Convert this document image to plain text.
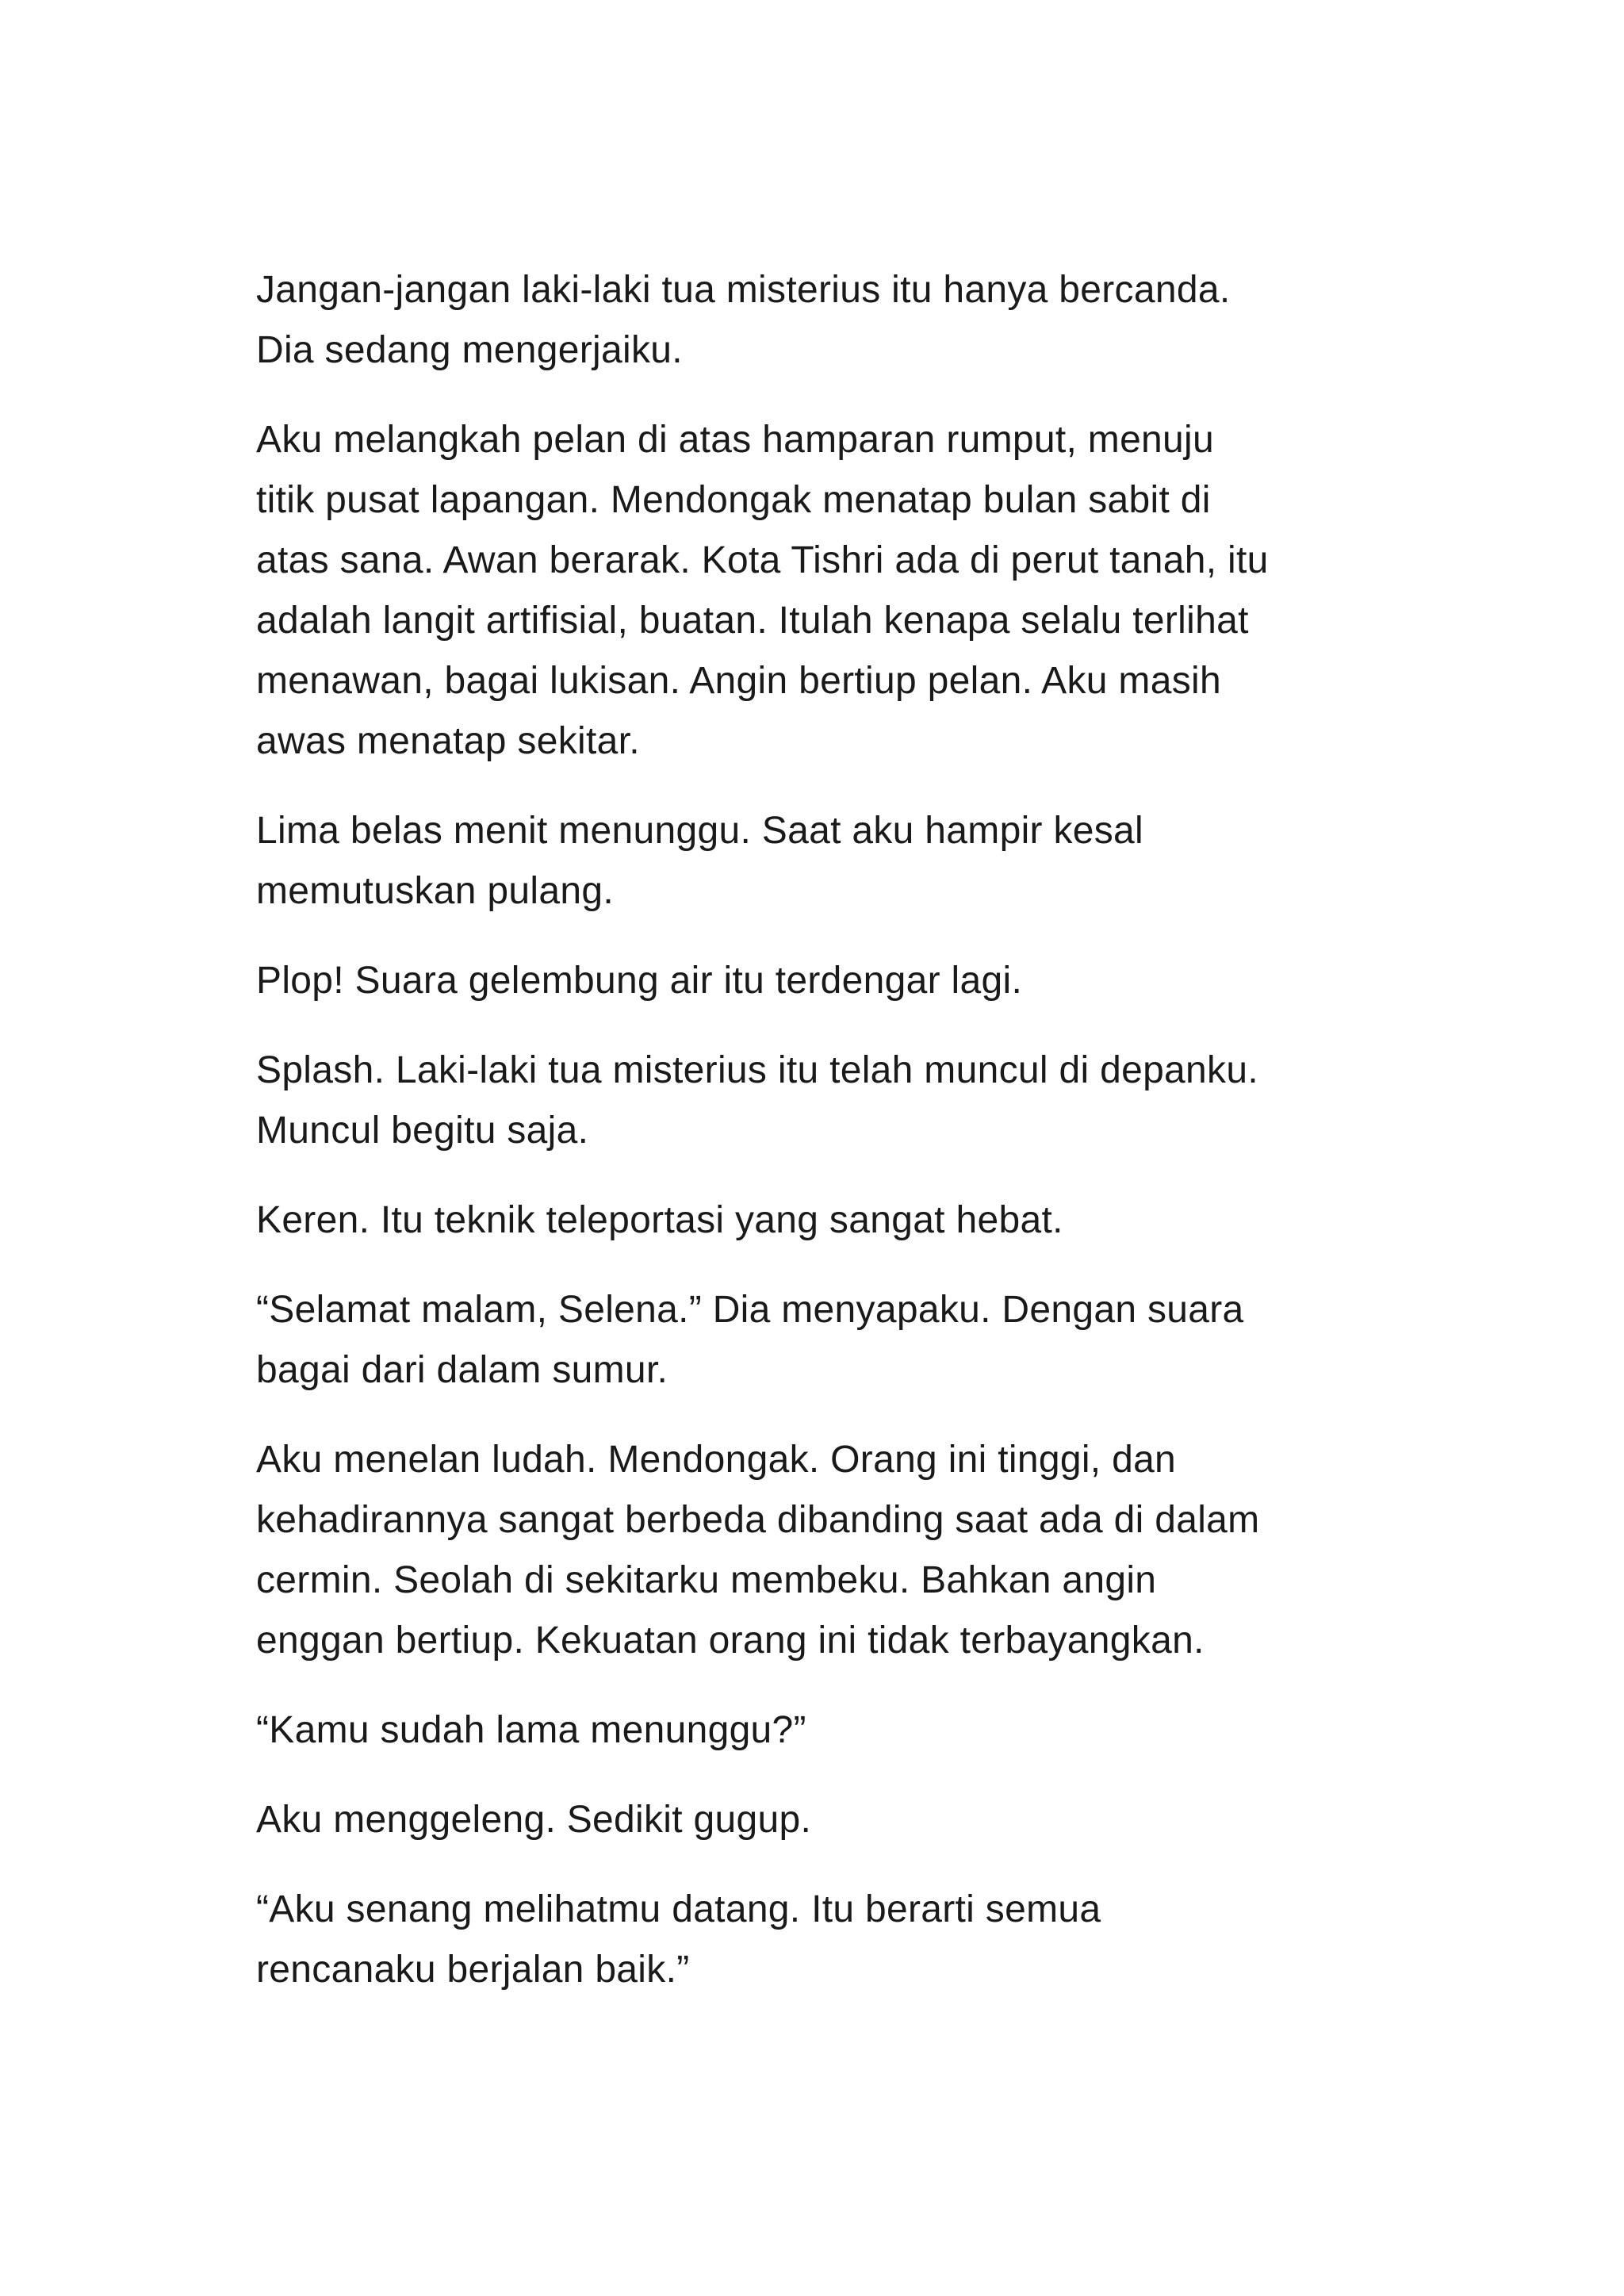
Jangan-jangan laki-laki tua misterius itu hanya bercanda.
Dia sedang mengerjaiku.

Aku melangkah pelan di atas hamparan rumput, menuju
titik pusat lapangan. Mendongak menatap bulan sabit di
atas sana. Awan berarak. Kota Tishri ada di perut tanah, itu
adalah langit artifisial, buatan. Itulah kenapa selalu terlihat
menawan, bagai lukisan. Angin bertiup pelan. Aku masih
awas menatap sekitar.

Lima belas menit menunggu. Saat aku hampir kesal
memutuskan pulang.

Plop! Suara gelembung air itu terdengar lagi.

Splash. Laki-laki tua misterius itu telah muncul di depanku.
Muncul begitu saja.

Keren. Itu teknik teleportasi yang sangat hebat.

“Selamat malam, Selena.” Dia menyapaku. Dengan suara
bagai dari dalam sumur.

Aku menelan ludah. Mendongak. Orang ini tinggi, dan
kehadirannya sangat berbeda dibanding saat ada di dalam
cermin. Seolah di sekitarku membeku. Bahkan angin
enggan bertiup. Kekuatan orang ini tidak terbayangkan.

“Kamu sudah lama menunggu?”

Aku menggeleng. Sedikit gugup.

“Aku senang melihatmu datang. Itu berarti semua
rencanaku berjalan baik.”
